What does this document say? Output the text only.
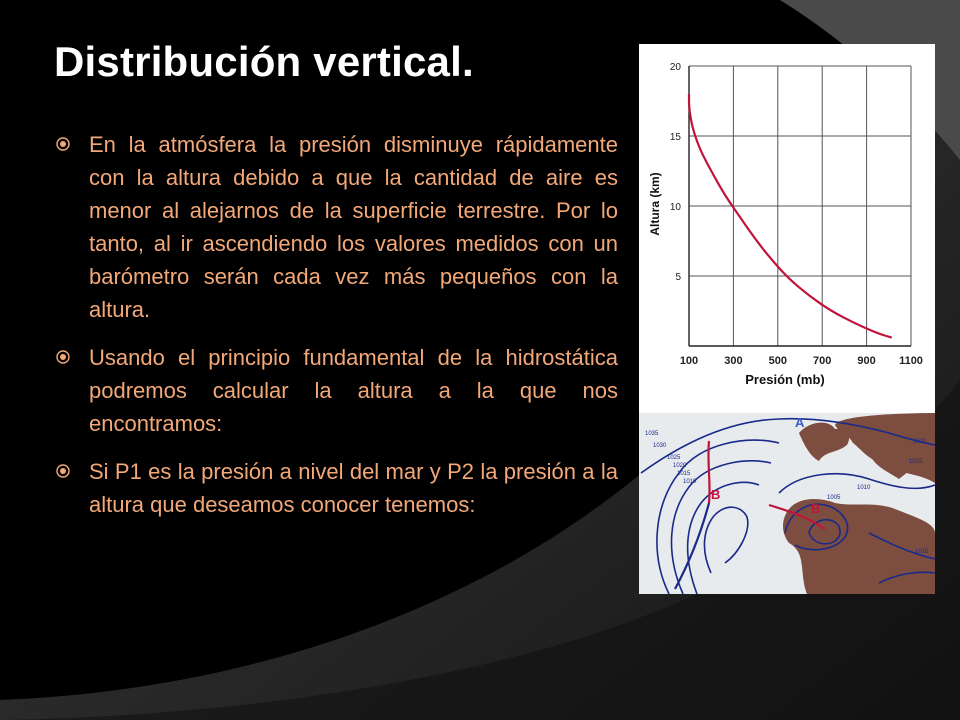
Distribución vertical.
En la atmósfera la presión disminuye rápidamente con la altura debido a que la cantidad de aire es menor al alejarnos de la superficie terrestre. Por lo tanto, al ir ascendiendo los valores medidos con un barómetro serán cada vez más pequeños con la altura.
Usando el principio fundamental de la hidrostática podremos calcular la altura a la que nos encontramos:
Si P1 es la presión a nivel del mar y P2 la presión a la altura que deseamos conocer tenemos:
100 300 500 700 900 1100
5
10
15
20
Presión (mb)
Altura (km)
1035
1030
1025
1020
1015
1010
1020
1015
1010
1005
1015
B
B
A
